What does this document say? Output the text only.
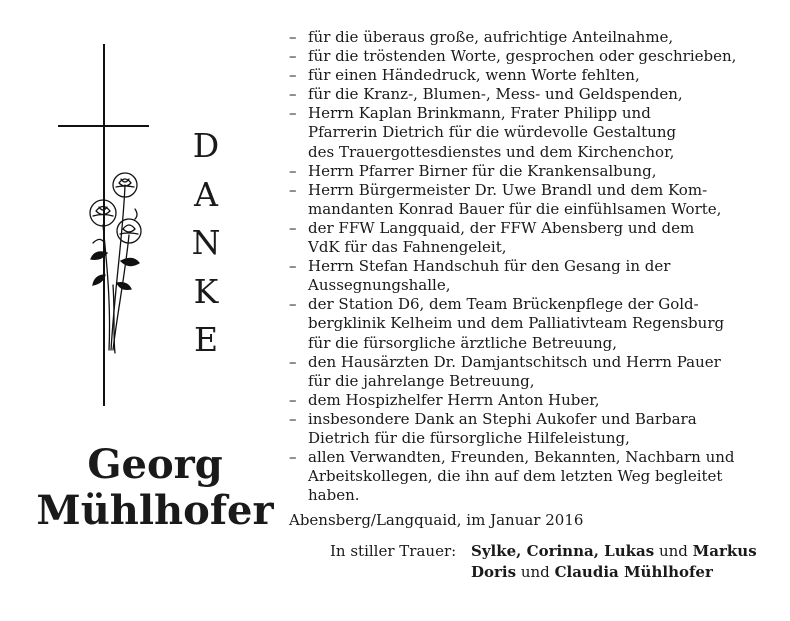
D
A
N
K
E
Georg
Mühlhofer
– für die überaus große, aufrichtige Anteilnahme,
– für die tröstenden Worte, gesprochen oder geschrieben,
– für einen Händedruck, wenn Worte fehlten,
– für die Kranz-, Blumen-, Mess- und Geldspenden,
– Herrn Kaplan Brinkmann, Frater Philipp und
Pfarrerin Dietrich für die würdevolle Gestaltung
des Trauergottesdienstes und dem Kirchenchor,
– Herrn Pfarrer Birner für die Krankensalbung,
– Herrn Bürgermeister Dr. Uwe Brandl und dem Kom-
mandanten Konrad Bauer für die einfühlsamen Worte,
– der FFW Langquaid, der FFW Abensberg und dem
VdK für das Fahnengeleit,
– Herrn Stefan Handschuh für den Gesang in der
Aussegnungshalle,
– der Station D6, dem Team Brückenpflege der Gold-
bergklinik Kelheim und dem Palliativteam Regensburg
für die fürsorgliche ärztliche Betreuung,
– den Hausärzten Dr. Damjantschitsch und Herrn Pauer
für die jahrelange Betreuung,
– dem Hospizhelfer Herrn Anton Huber,
– insbesondere Dank an Stephi Aukofer und Barbara
Dietrich für die fürsorgliche Hilfeleistung,
– allen Verwandten, Freunden, Bekannten, Nachbarn und
Arbeitskollegen, die ihn auf dem letzten Weg begleitet
haben.
Abensberg/Langquaid, im Januar 2016
In stiller Trauer: Sylke, Corinna, Lukas und Markus
Doris und Claudia Mühlhofer
